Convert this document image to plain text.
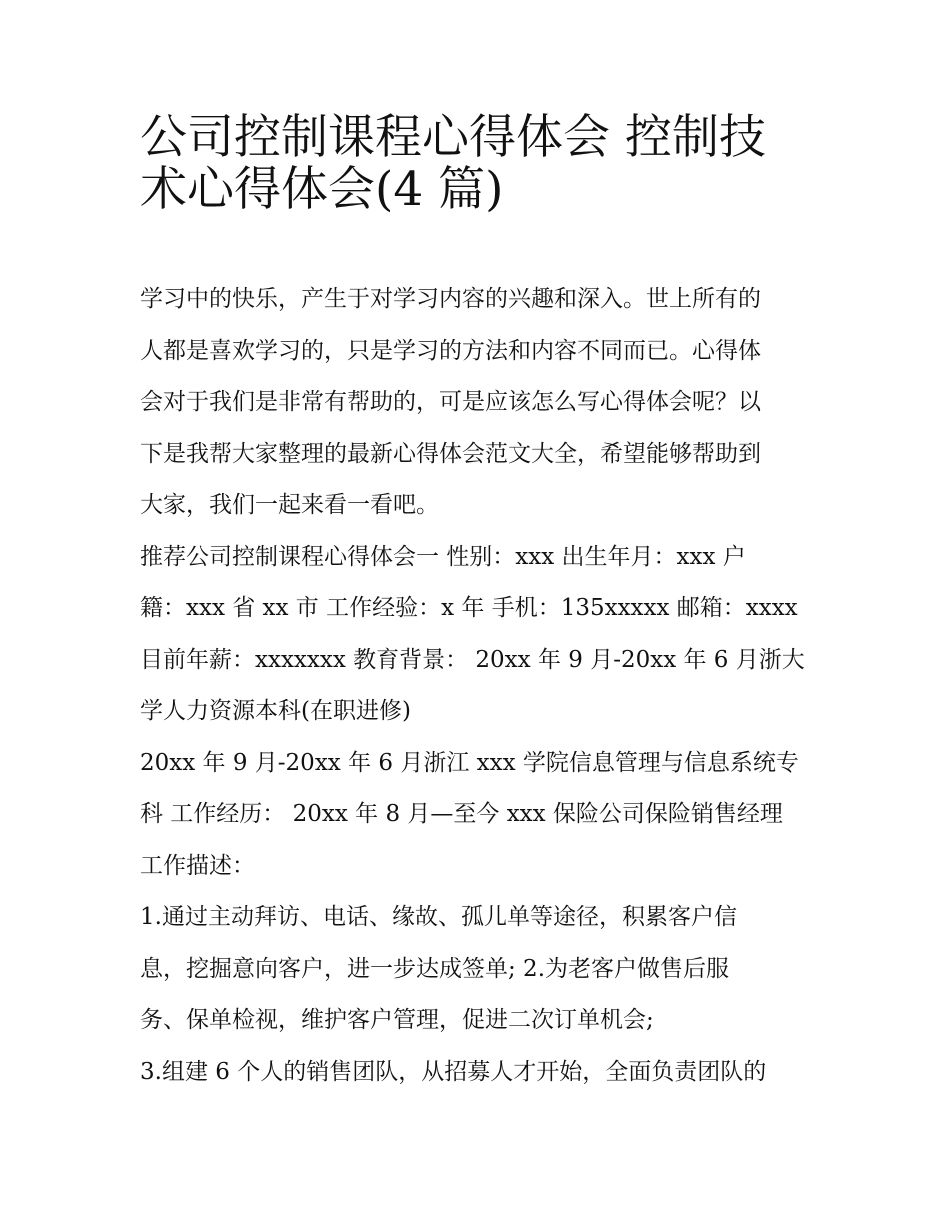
公司控制课程心得体会 控制技
术心得体会(4 篇)
学习中的快乐，产生于对学习内容的兴趣和深入。世上所有的
人都是喜欢学习的，只是学习的方法和内容不同而已。心得体
会对于我们是非常有帮助的，可是应该怎么写心得体会呢？以
下是我帮大家整理的最新心得体会范文大全，希望能够帮助到
大家，我们一起来看一看吧。
推荐公司控制课程心得体会一 性别：xxx 出生年月：xxx 户
籍：xxx 省 xx 市 工作经验：x 年 手机：135xxxxx 邮箱：xxxx
目前年薪：xxxxxxx 教育背景： 20xx 年 9 月-20xx 年 6 月浙大
学人力资源本科(在职进修)
20xx 年 9 月-20xx 年 6 月浙江 xxx 学院信息管理与信息系统专
科 工作经历： 20xx 年 8 月—至今 xxx 保险公司保险销售经理
工作描述：
1.通过主动拜访、电话、缘故、孤儿单等途径，积累客户信
息，挖掘意向客户，进一步达成签单; 2.为老客户做售后服
务、保单检视，维护客户管理，促进二次订单机会;
3.组建 6 个人的销售团队，从招募人才开始，全面负责团队的
